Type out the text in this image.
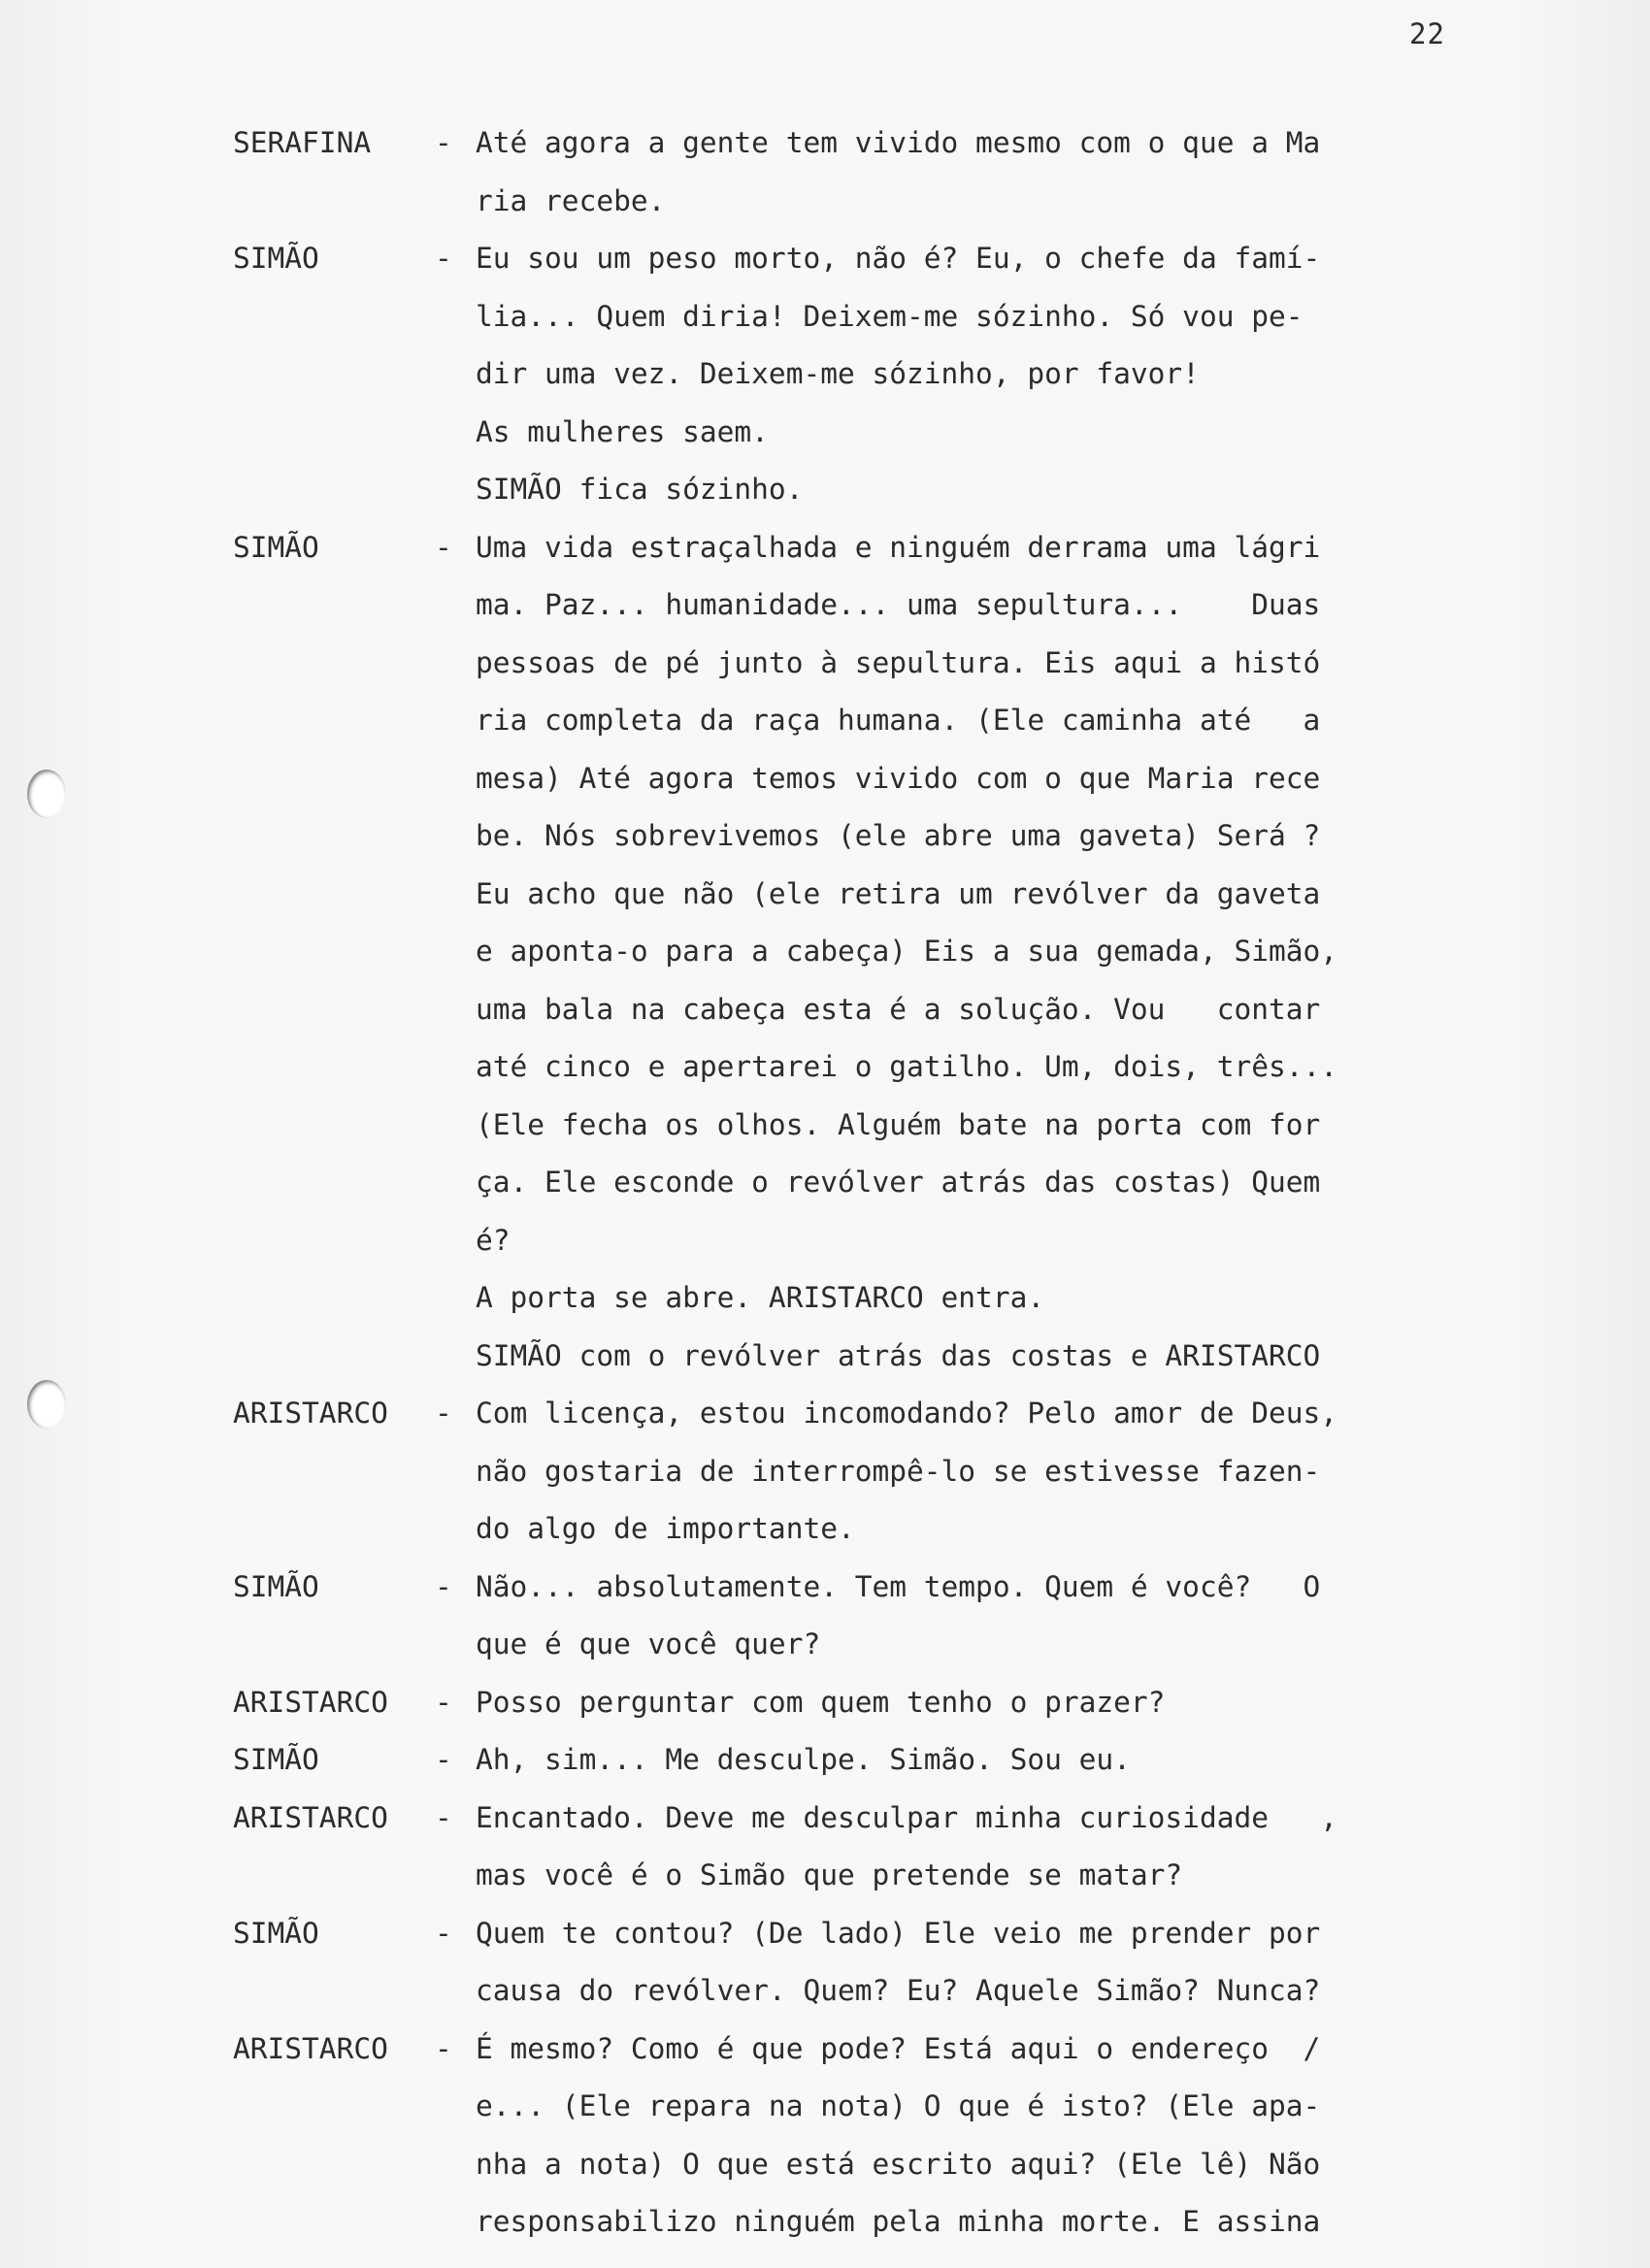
22
SERAFINA - Até agora a gente tem vivido mesmo com o que a Ma
ria recebe.
SIMÃO	- Eu sou um peso morto, não é? Eu, o chefe da famí-
lia... Quem diria! Deixem-me sózinho. Só vou pe-
dir uma vez. Deixem-me sózinho, por favor!
As mulheres saem.
SIMÃO fica sózinho.
SIMÃO	- Uma vida estraçalhada e ninguém derrama uma lágri
ma. Paz... humanidade... uma sepultura...    Duas
pessoas de pé junto à sepultura. Eis aqui a histó
ria completa da raça humana. (Ele caminha até   a
mesa) Até agora temos vivido com o que Maria rece
be. Nós sobrevivemos (ele abre uma gaveta) Será ?
Eu acho que não (ele retira um revólver da gaveta
e aponta-o para a cabeça) Eis a sua gemada, Simão,
uma bala na cabeça esta é a solução. Vou   contar
até cinco e apertarei o gatilho. Um, dois, três...
(Ele fecha os olhos. Alguém bate na porta com for
ça. Ele esconde o revólver atrás das costas) Quem
é?
A porta se abre. ARISTARCO entra.
SIMÃO com o revólver atrás das costas e ARISTARCO
ARISTARCO - Com licença, estou incomodando? Pelo amor de Deus,
não gostaria de interrompê-lo se estivesse fazen-
do algo de importante.
SIMÃO	- Não... absolutamente. Tem tempo. Quem é você?   O
que é que você quer?
ARISTARCO - Posso perguntar com quem tenho o prazer?
SIMÃO	- Ah, sim... Me desculpe. Simão. Sou eu.
ARISTARCO - Encantado. Deve me desculpar minha curiosidade   ,
mas você é o Simão que pretende se matar?
SIMÃO	- Quem te contou? (De lado) Ele veio me prender por
causa do revólver. Quem? Eu? Aquele Simão? Nunca?
ARISTARCO - É mesmo? Como é que pode? Está aqui o endereço  /
e... (Ele repara na nota) O que é isto? (Ele apa-
nha a nota) O que está escrito aqui? (Ele lê) Não
responsabilizo ninguém pela minha morte. E assina
